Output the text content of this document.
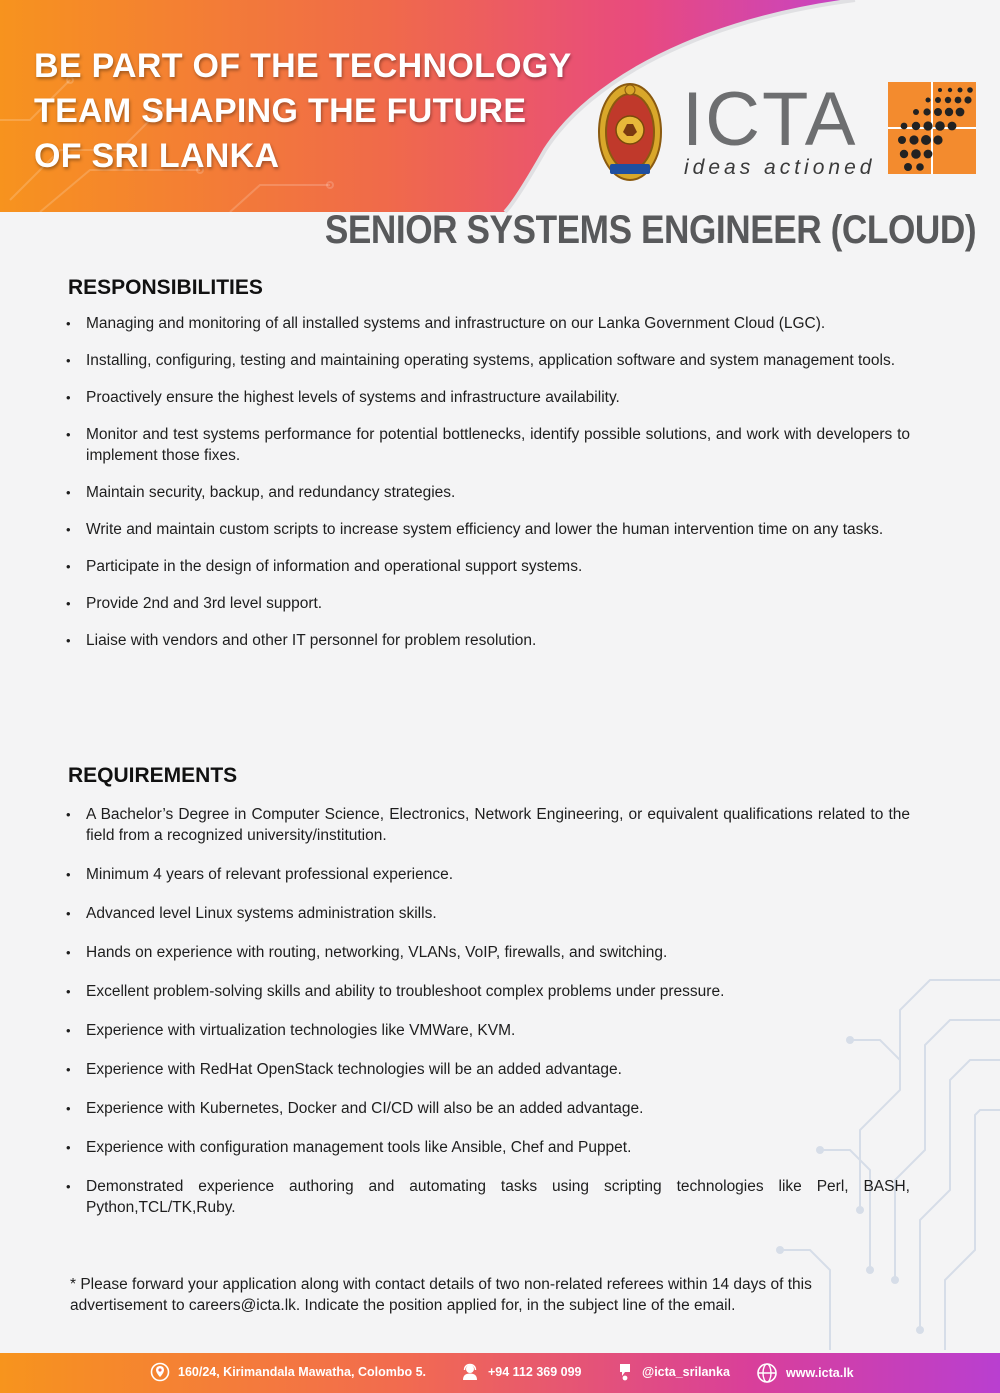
BE PART OF THE TECHNOLOGY
TEAM SHAPING THE FUTURE
OF SRI LANKA	ICTA
ideas actioned
SENIOR SYSTEMS ENGINEER (CLOUD)
RESPONSIBILITIES
• Managing and monitoring of all installed systems and infrastructure on our Lanka Government Cloud (LGC).
• Installing, configuring, testing and maintaining operating systems, application software and system management tools.
• Proactively ensure the highest levels of systems and infrastructure availability.
• Monitor and test systems performance for potential bottlenecks, identify possible solutions, and work with developers to implement those fixes.
• Maintain security, backup, and redundancy strategies.
• Write and maintain custom scripts to increase system efficiency and lower the human intervention time on any tasks.
• Participate in the design of information and operational support systems.
• Provide 2nd and 3rd level support.
• Liaise with vendors and other IT personnel for problem resolution.
REQUIREMENTS
• A Bachelor’s Degree in Computer Science, Electronics, Network Engineering, or equivalent qualifications related to the field from a recognized university/institution.
• Minimum 4 years of relevant professional experience.
• Advanced level Linux systems administration skills.
• Hands on experience with routing, networking, VLANs, VoIP, firewalls, and switching.
• Excellent problem-solving skills and ability to troubleshoot complex problems under pressure.
• Experience with virtualization technologies like VMWare, KVM.
• Experience with RedHat OpenStack technologies will be an added advantage.
• Experience with Kubernetes, Docker and CI/CD will also be an added advantage.
• Experience with configuration management tools like Ansible, Chef and Puppet.
• Demonstrated experience authoring and automating tasks using scripting technologies like Perl, BASH, Python,TCL/TK,Ruby.

* Please forward your application along with contact details of two non-related referees within 14 days of this advertisement to careers@icta.lk. Indicate the position applied for, in the subject line of the email.

160/24, Kirimandala Mawatha, Colombo 5.	+94 112 369 099	@icta_srilanka	www.icta.lk
